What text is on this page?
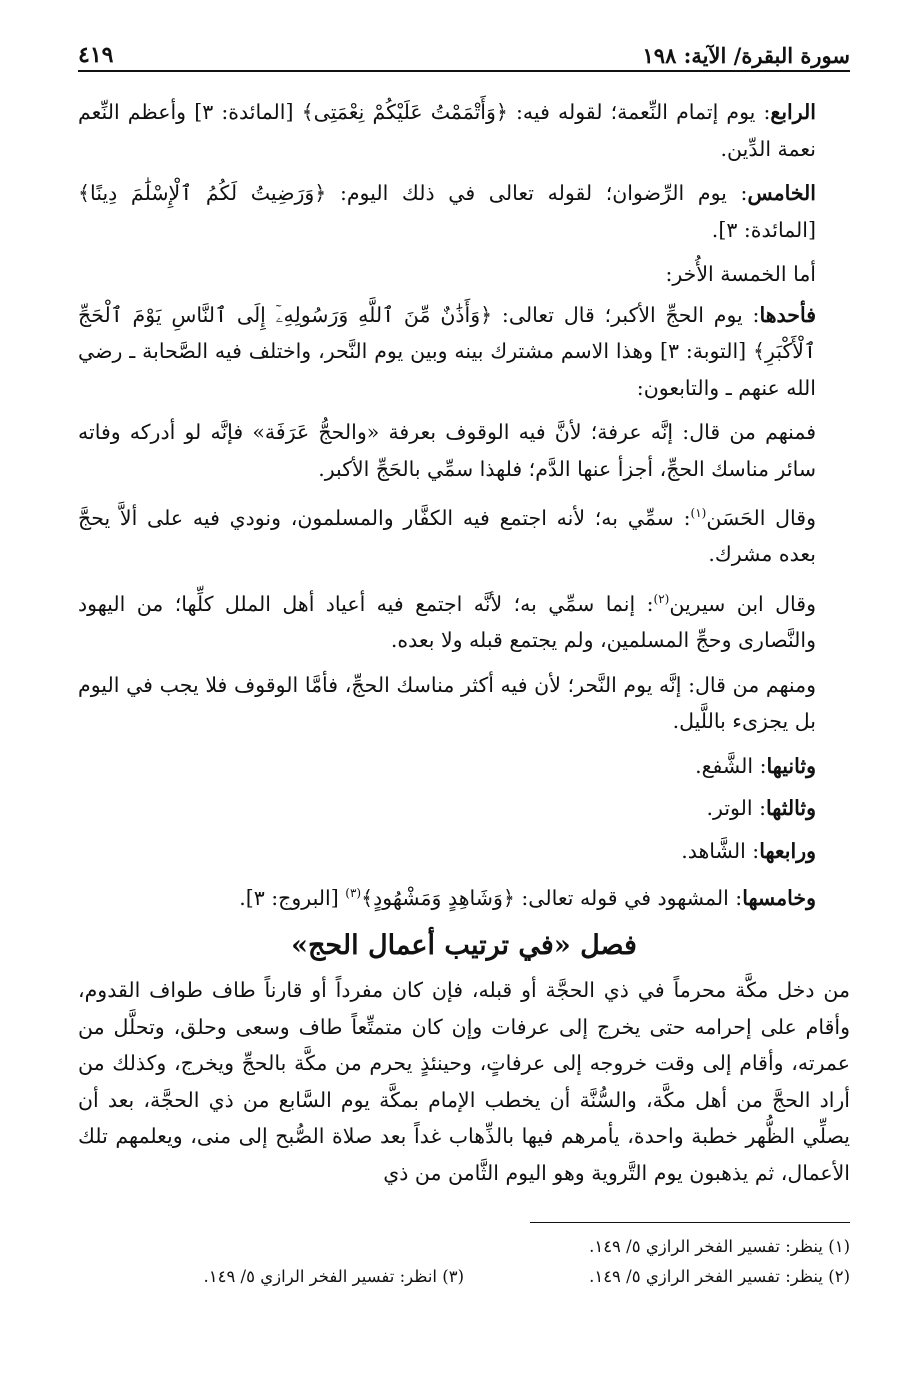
سورة البقرة/ الآية: ١٩٨
٤١٩

الرابع: يوم إتمام النِّعمة؛ لقوله فيه: ﴿وَأَتْمَمْتُ عَلَيْكُمْ نِعْمَتِى﴾ [المائدة: ٣] وأعظم النِّعم نعمة الدِّين.

الخامس: يوم الرِّضوان؛ لقوله تعالى في ذلك اليوم: ﴿وَرَضِيتُ لَكُمُ ٱلْإِسْلَٰمَ دِينًا﴾ [المائدة: ٣].

أما الخمسة الأُخر:

فأحدها: يوم الحجِّ الأكبر؛ قال تعالى: ﴿وَأَذَٰنٌ مِّنَ ٱللَّهِ وَرَسُولِهِۦٓ إِلَى ٱلنَّاسِ يَوْمَ ٱلْحَجِّ ٱلْأَكْبَرِ﴾ [التوبة: ٣] وهذا الاسم مشترك بينه وبين يوم النَّحر، واختلف فيه الصَّحابة ـ رضي الله عنهم ـ والتابعون:

فمنهم من قال: إنَّه عرفة؛ لأنَّ فيه الوقوف بعرفة «والحجُّ عَرَفَة» فإنَّه لو أدركه وفاته سائر مناسك الحجِّ، أجزأ عنها الدَّم؛ فلهذا سمِّي بالحَجِّ الأكبر.

وقال الحَسَن$^{(١)}$: سمِّي به؛ لأنه اجتمع فيه الكفَّار والمسلمون، ونودي فيه على ألاَّ يحجَّ بعده مشرك.

وقال ابن سيرين$^{(٢)}$: إنما سمِّي به؛ لأنَّه اجتمع فيه أعياد أهل الملل كلِّها؛ من اليهود والنَّصارى وحجِّ المسلمين، ولم يجتمع قبله ولا بعده.

ومنهم من قال: إنَّه يوم النَّحر؛ لأن فيه أكثر مناسك الحجِّ، فأمَّا الوقوف فلا يجب في اليوم بل يجزىء باللَّيل.

وثانيها: الشَّفع.

وثالثها: الوتر.

ورابعها: الشَّاهد.

وخامسها: المشهود في قوله تعالى: ﴿وَشَاهِدٍ وَمَشْهُودٍ﴾$^{(٣)}$ [البروج: ٣].

فصل «في ترتيب أعمال الحج»

من دخل مكَّة محرماً في ذي الحجَّة أو قبله، فإن كان مفرداً أو قارناً طاف طواف القدوم، وأقام على إحرامه حتى يخرج إلى عرفات وإن كان متمتِّعاً طاف وسعى وحلق، وتحلَّل من عمرته، وأقام إلى وقت خروجه إلى عرفاتٍ، وحينئذٍ يحرم من مكَّة بالحجِّ ويخرج، وكذلك من أراد الحجَّ من أهل مكَّة، والسُّنَّة أن يخطب الإمام بمكَّة يوم السَّابع من ذي الحجَّة، بعد أن يصلِّي الظُّهر خطبة واحدة، يأمرهم فيها بالذِّهاب غداً بعد صلاة الصُّبح إلى منى، ويعلمهم تلك الأعمال، ثم يذهبون يوم التَّروية وهو اليوم الثَّامن من ذي

(١) ينظر: تفسير الفخر الرازي ٥/ ١٤٩.
(٢) ينظر: تفسير الفخر الرازي ٥/ ١٤٩.
(٣) انظر: تفسير الفخر الرازي ٥/ ١٤٩.
